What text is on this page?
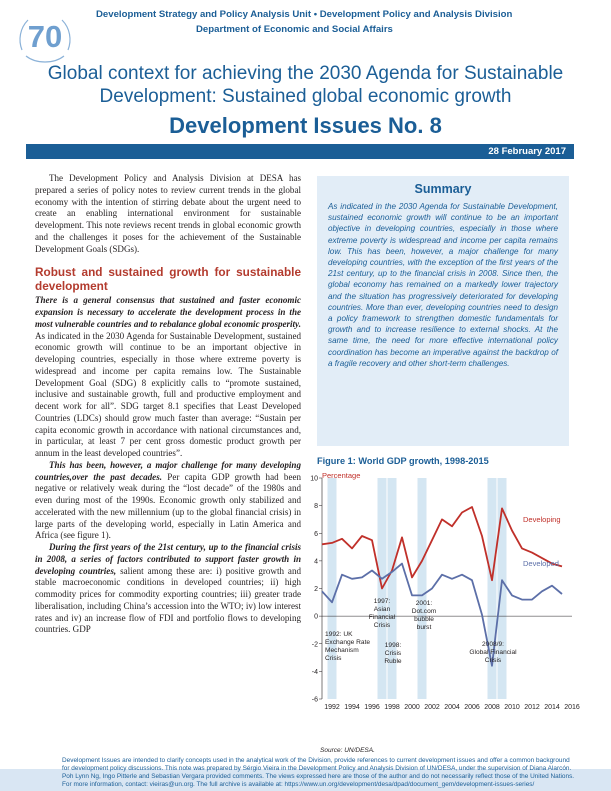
70
Development Strategy and Policy Analysis Unit • Development Policy and Analysis Division
Department of Economic and Social Affairs
Global context for achieving the 2030 Agenda for Sustainable
Development: Sustained global economic growth
Development Issues No. 8
28 February 2017

The Development Policy and Analysis Division at DESA has prepared a series of policy notes to review current trends in the global economy with the intention of stirring debate about the urgent need to create an enabling international environment for sustainable development. This note reviews recent trends in global economic growth and the challenges it poses for the achievement of the Sustainable Development Goals (SDGs).

Robust and sustained growth for sustainable development

There is a general consensus that sustained and faster economic expansion is necessary to accelerate the development process in the most vulnerable countries and to rebalance global economic prosperity. As indicated in the 2030 Agenda for Sustainable Development, sustained economic growth will continue to be an important objective in developing countries, especially in those where extreme poverty is widespread and income per capita remains low. The Sustainable Development Goal (SDG) 8 explicitly calls to “promote sustained, inclusive and sustainable growth, full and productive employment and decent work for all”. SDG target 8.1 specifies that Least Developed Countries (LDCs) should grow much faster than average: “Sustain per capita economic growth in accordance with national circumstances and, in particular, at least 7 per cent gross domestic product growth per annum in the least developed countries”.

This has been, however, a major challenge for many developing countries,over the past decades. Per capita GDP growth had been negative or relatively weak during the “lost decade” of the 1980s and even during most of the 1990s. Economic growth only stabilized and accelerated with the new millennium (up to the global financial crisis) in large parts of the developing world, especially in Latin America and Africa (see figure 1).

During the first years of the 21st century, up to the financial crisis in 2008, a series of factors contributed to support faster growth in developing countries, salient among these are: i) positive growth and stable macroeconomic conditions in developed countries; ii) high commodity prices for commodity exporting countries; iii) greater trade liberalisation, including China’s accession into the WTO; iv) low interest rates and iv) an increase flow of FDI and portfolio flows to developing countries. GDP

Summary
As indicated in the 2030 Agenda for Sustainable Development, sustained economic growth will continue to be an important objective in developing countries, especially in those where extreme poverty is widespread and income per capita remains low. This has been, however, a major challenge for many developing countries, with the exception of the first years of the 21st century, up to the financial crisis in 2008. Since then, the global economy has remained on a markedly lower trajectory and the situation has progressively deteriorated for developing countries. More than ever, developing countries need to design a policy framework to strengthen domestic fundamentals for growth and to increase resilience to external shocks. At the same time, the need for more effective international policy coordination has become an imperative against the backdrop of a fragile recovery and other short-term challenges.
Figure 1: World GDP growth, 1998-2015
Percentage
-6
-4
-2
0
2
4
6
8
10
1992 1994 1996 1998 2000 2002 2004 2006 2008 2010 2012 2014 2016
1992: UK Exchange Rate Mechanism Crisis
1997: Asian Financial Crisis
1998: Crisis Ruble
2001: Dot.com bubble burst
2008/9: Global Financial Crisis
Developing
Developed
Source: UN/DESA.
Development Issues are intended to clarify concepts used in the analytical work of the Division, provide references to current development issues and offer a common background for development policy discussions. This note was prepared by Sérgio Vieira in the Development Policy and Analysis Division of UN/DESA, under the supervision of Diana Alarcón. Poh Lynn Ng, Ingo Pitterle and Sebastian Vergara provided comments. The views expressed here are those of the author and do not necessarily reflect those of the United Nations. For more information, contact: vieiras@un.org. The full archive is available at: https://www.un.org/development/desa/dpad/document_gem/development-issues-series/
